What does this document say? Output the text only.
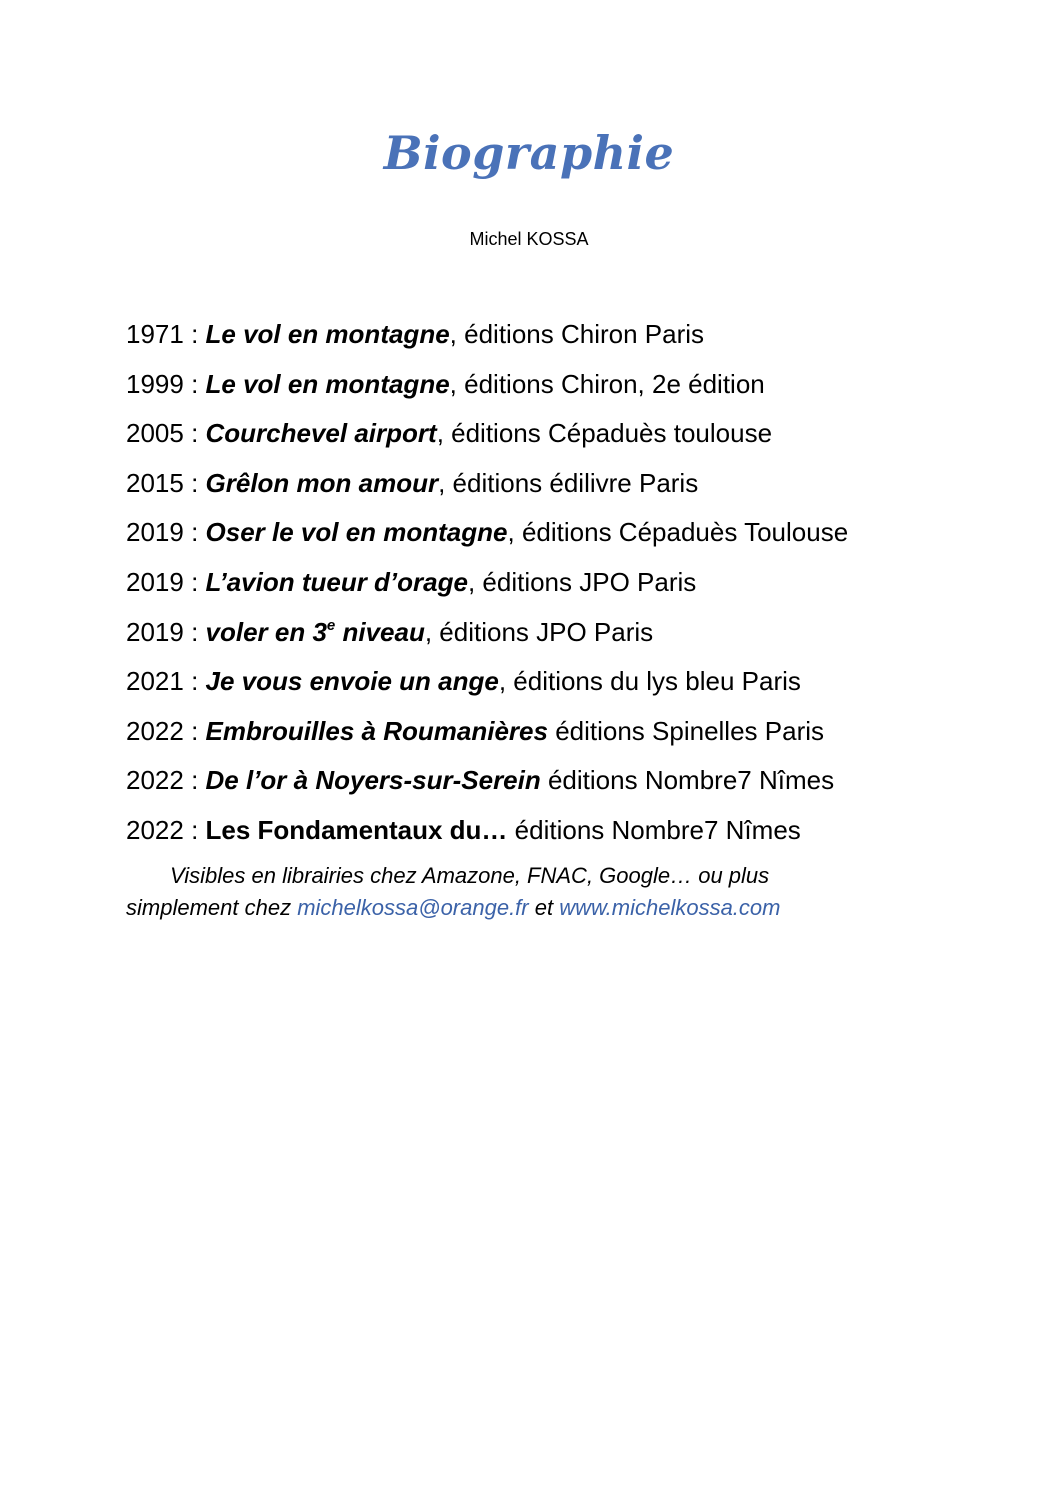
Biographie
Michel KOSSA
1971 : Le vol en montagne, éditions Chiron Paris
1999 : Le vol en montagne, éditions Chiron, 2e édition
2005 : Courchevel airport, éditions Cépaduès toulouse
2015 : Grêlon mon amour, éditions édilivre Paris
2019 : Oser le vol en montagne, éditions Cépaduès Toulouse
2019 : L’avion tueur d’orage, éditions JPO Paris
2019 : voler en 3e niveau, éditions JPO Paris
2021 : Je vous envoie un ange, éditions du lys bleu Paris
2022 : Embrouilles à Roumanières éditions Spinelles Paris
2022 : De l’or à Noyers-sur-Serein éditions Nombre7 Nîmes
2022 : Les Fondamentaux du… éditions Nombre7 Nîmes
Visibles en librairies chez Amazone, FNAC, Google… ou plus
simplement chez michelkossa@orange.fr et www.michelkossa.com
